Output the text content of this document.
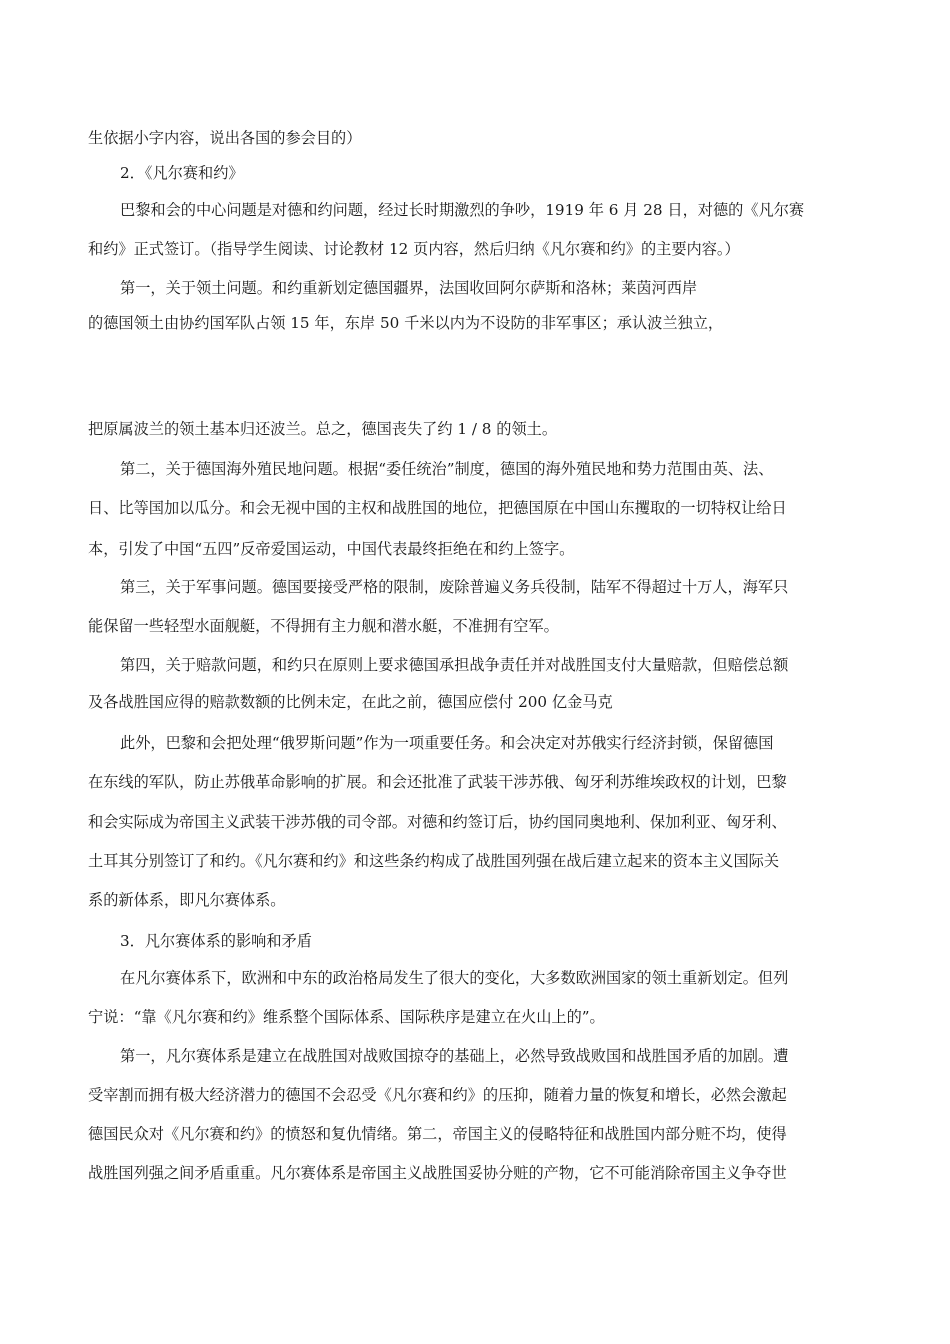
生依据小字内容，说出各国的参会目的）
2．《凡尔赛和约》
巴黎和会的中心问题是对德和约问题，经过长时期激烈的争吵，1919 年 6 月 28 日，对德的《凡尔赛
和约》正式签订。（指导学生阅读、讨论教材 12 页内容，然后归纳《凡尔赛和约》的主要内容。）
第一，关于领土问题。和约重新划定德国疆界，法国收回阿尔萨斯和洛林；莱茵河西岸
的德国领土由协约国军队占领 15 年，东岸 50 千米以内为不设防的非军事区；承认波兰独立，
把原属波兰的领土基本归还波兰。总之，德国丧失了约 1 / 8 的领土。
第二，关于德国海外殖民地问题。根据“委任统治”制度，德国的海外殖民地和势力范围由英、法、
日、比等国加以瓜分。和会无视中国的主权和战胜国的地位，把德国原在中国山东攫取的一切特权让给日
本，引发了中国“五四”反帝爱国运动，中国代表最终拒绝在和约上签字。
第三，关于军事问题。德国要接受严格的限制，废除普遍义务兵役制，陆军不得超过十万人，海军只
能保留一些轻型水面舰艇，不得拥有主力舰和潜水艇，不准拥有空军。
第四，关于赔款问题，和约只在原则上要求德国承担战争责任并对战胜国支付大量赔款，但赔偿总额
及各战胜国应得的赔款数额的比例未定，在此之前，德国应偿付 200 亿金马克
此外，巴黎和会把处理“俄罗斯问题”作为一项重要任务。和会决定对苏俄实行经济封锁，保留德国
在东线的军队，防止苏俄革命影响的扩展。和会还批准了武装干涉苏俄、匈牙利苏维埃政权的计划，巴黎
和会实际成为帝国主义武装干涉苏俄的司令部。对德和约签订后，协约国同奥地利、保加利亚、匈牙利、
土耳其分别签订了和约。《凡尔赛和约》和这些条约构成了战胜国列强在战后建立起来的资本主义国际关
系的新体系，即凡尔赛体系。
3．凡尔赛体系的影响和矛盾
在凡尔赛体系下，欧洲和中东的政治格局发生了很大的变化，大多数欧洲国家的领土重新划定。但列
宁说：“靠《凡尔赛和约》维系整个国际体系、国际秩序是建立在火山上的”。
第一，凡尔赛体系是建立在战胜国对战败国掠夺的基础上，必然导致战败国和战胜国矛盾的加剧。遭
受宰割而拥有极大经济潜力的德国不会忍受《凡尔赛和约》的压抑，随着力量的恢复和增长，必然会激起
德国民众对《凡尔赛和约》的愤怒和复仇情绪。第二，帝国主义的侵略特征和战胜国内部分赃不均，使得
战胜国列强之间矛盾重重。凡尔赛体系是帝国主义战胜国妥协分赃的产物，它不可能消除帝国主义争夺世
